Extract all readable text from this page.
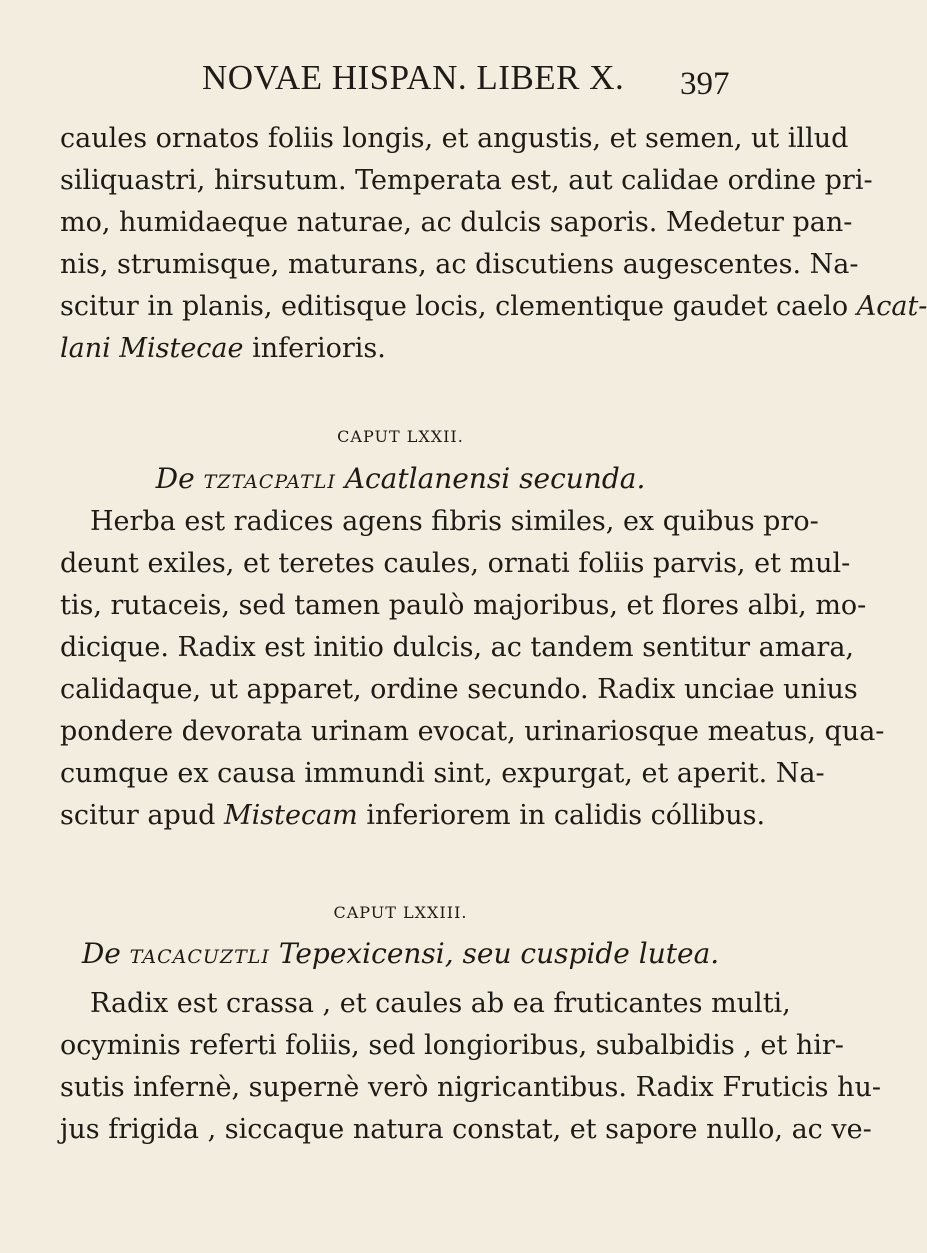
NOVAE HISPAN. LIBER X. 397
caules ornatos foliis longis, et angustis, et semen, ut illud
siliquastri, hirsutum. Temperata est, aut calidae ordine pri-
mo, humidaeque naturae, ac dulcis saporis. Medetur pan-
nis, strumisque, maturans, ac discutiens augescentes. Na-
scitur in planis, editisque locis, clementique gaudet caelo Acat-
lani Mistecae inferioris.
CAPUT LXXII.
De TZTACPATLI Acatlanensi secunda.
Herba est radices agens fibris similes, ex quibus pro-
deunt exiles, et teretes caules, ornati foliis parvis, et mul-
tis, rutaceis, sed tamen paulò majoribus, et flores albi, mo-
dicique. Radix est initio dulcis, ac tandem sentitur amara,
calidaque, ut apparet, ordine secundo. Radix unciae unius
pondere devorata urinam evocat, urinariosque meatus, qua-
cumque ex causa immundi sint, expurgat, et aperit. Na-
scitur apud Mistecam inferiorem in calidis cóllibus.
CAPUT LXXIII.
De TACACUZTLI Tepexicensi, seu cuspide lutea.
Radix est crassa , et caules ab ea fruticantes multi,
ocyminis referti foliis, sed longioribus, subalbidis , et hir-
sutis infernè, supernè verò nigricantibus. Radix Fruticis hu-
jus frigida , siccaque natura constat, et sapore nullo, ac ve-
